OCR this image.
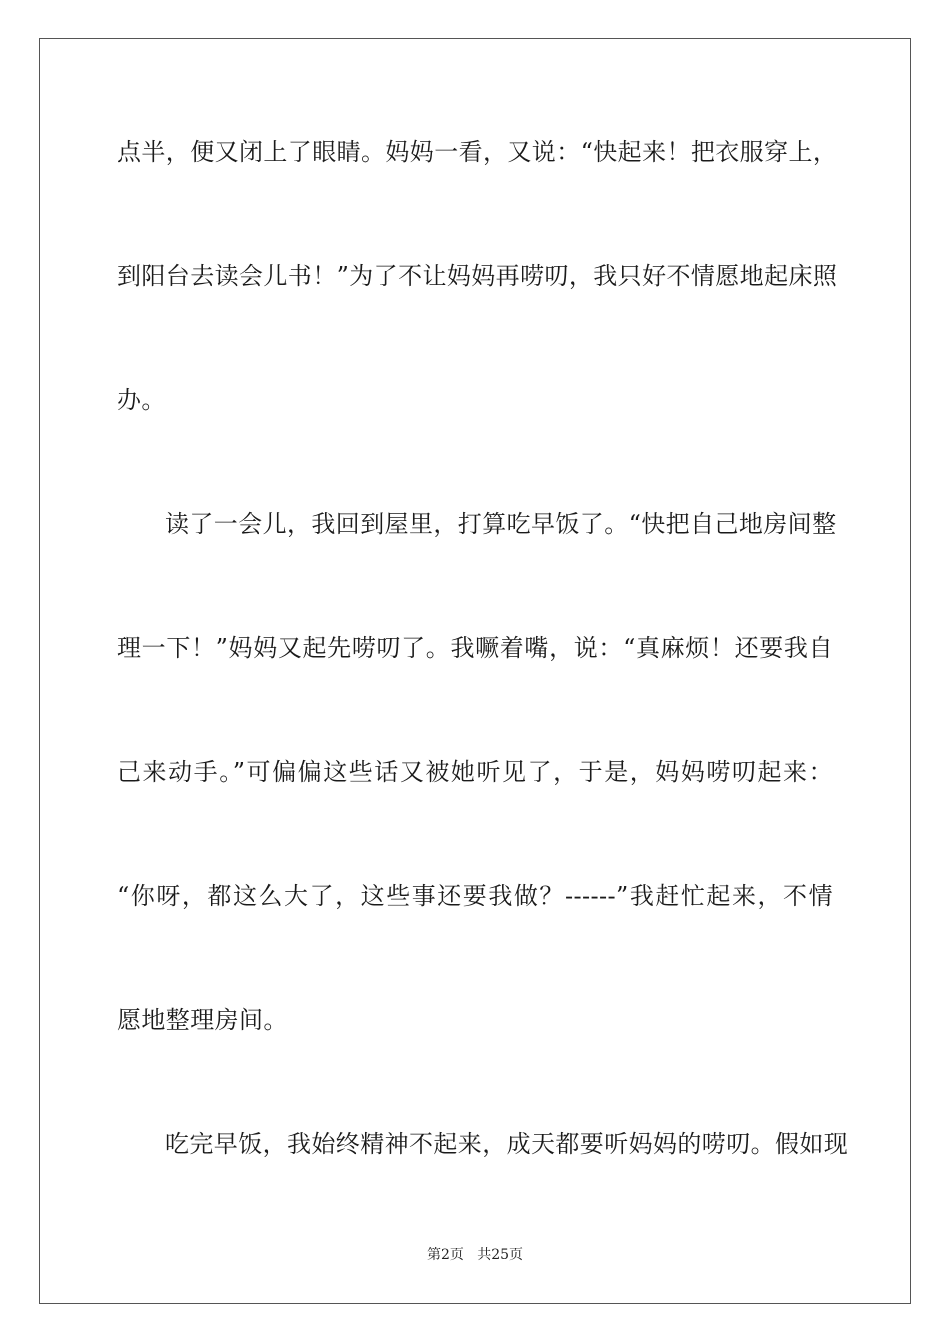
点半，便又闭上了眼睛。妈妈一看，又说：“快起来！把衣服穿上，
到阳台去读会儿书！”为了不让妈妈再唠叨，我只好不情愿地起床照
办。
读了一会儿，我回到屋里，打算吃早饭了。“快把自己地房间整
理一下！”妈妈又起先唠叨了。我噘着嘴，说：“真麻烦！还要我自
己来动手。”可偏偏这些话又被她听见了，于是，妈妈唠叨起来：
“你呀，都这么大了，这些事还要我做？------”我赶忙起来，不情
愿地整理房间。
吃完早饭，我始终精神不起来，成天都要听妈妈的唠叨。假如现
第2页   共25页
